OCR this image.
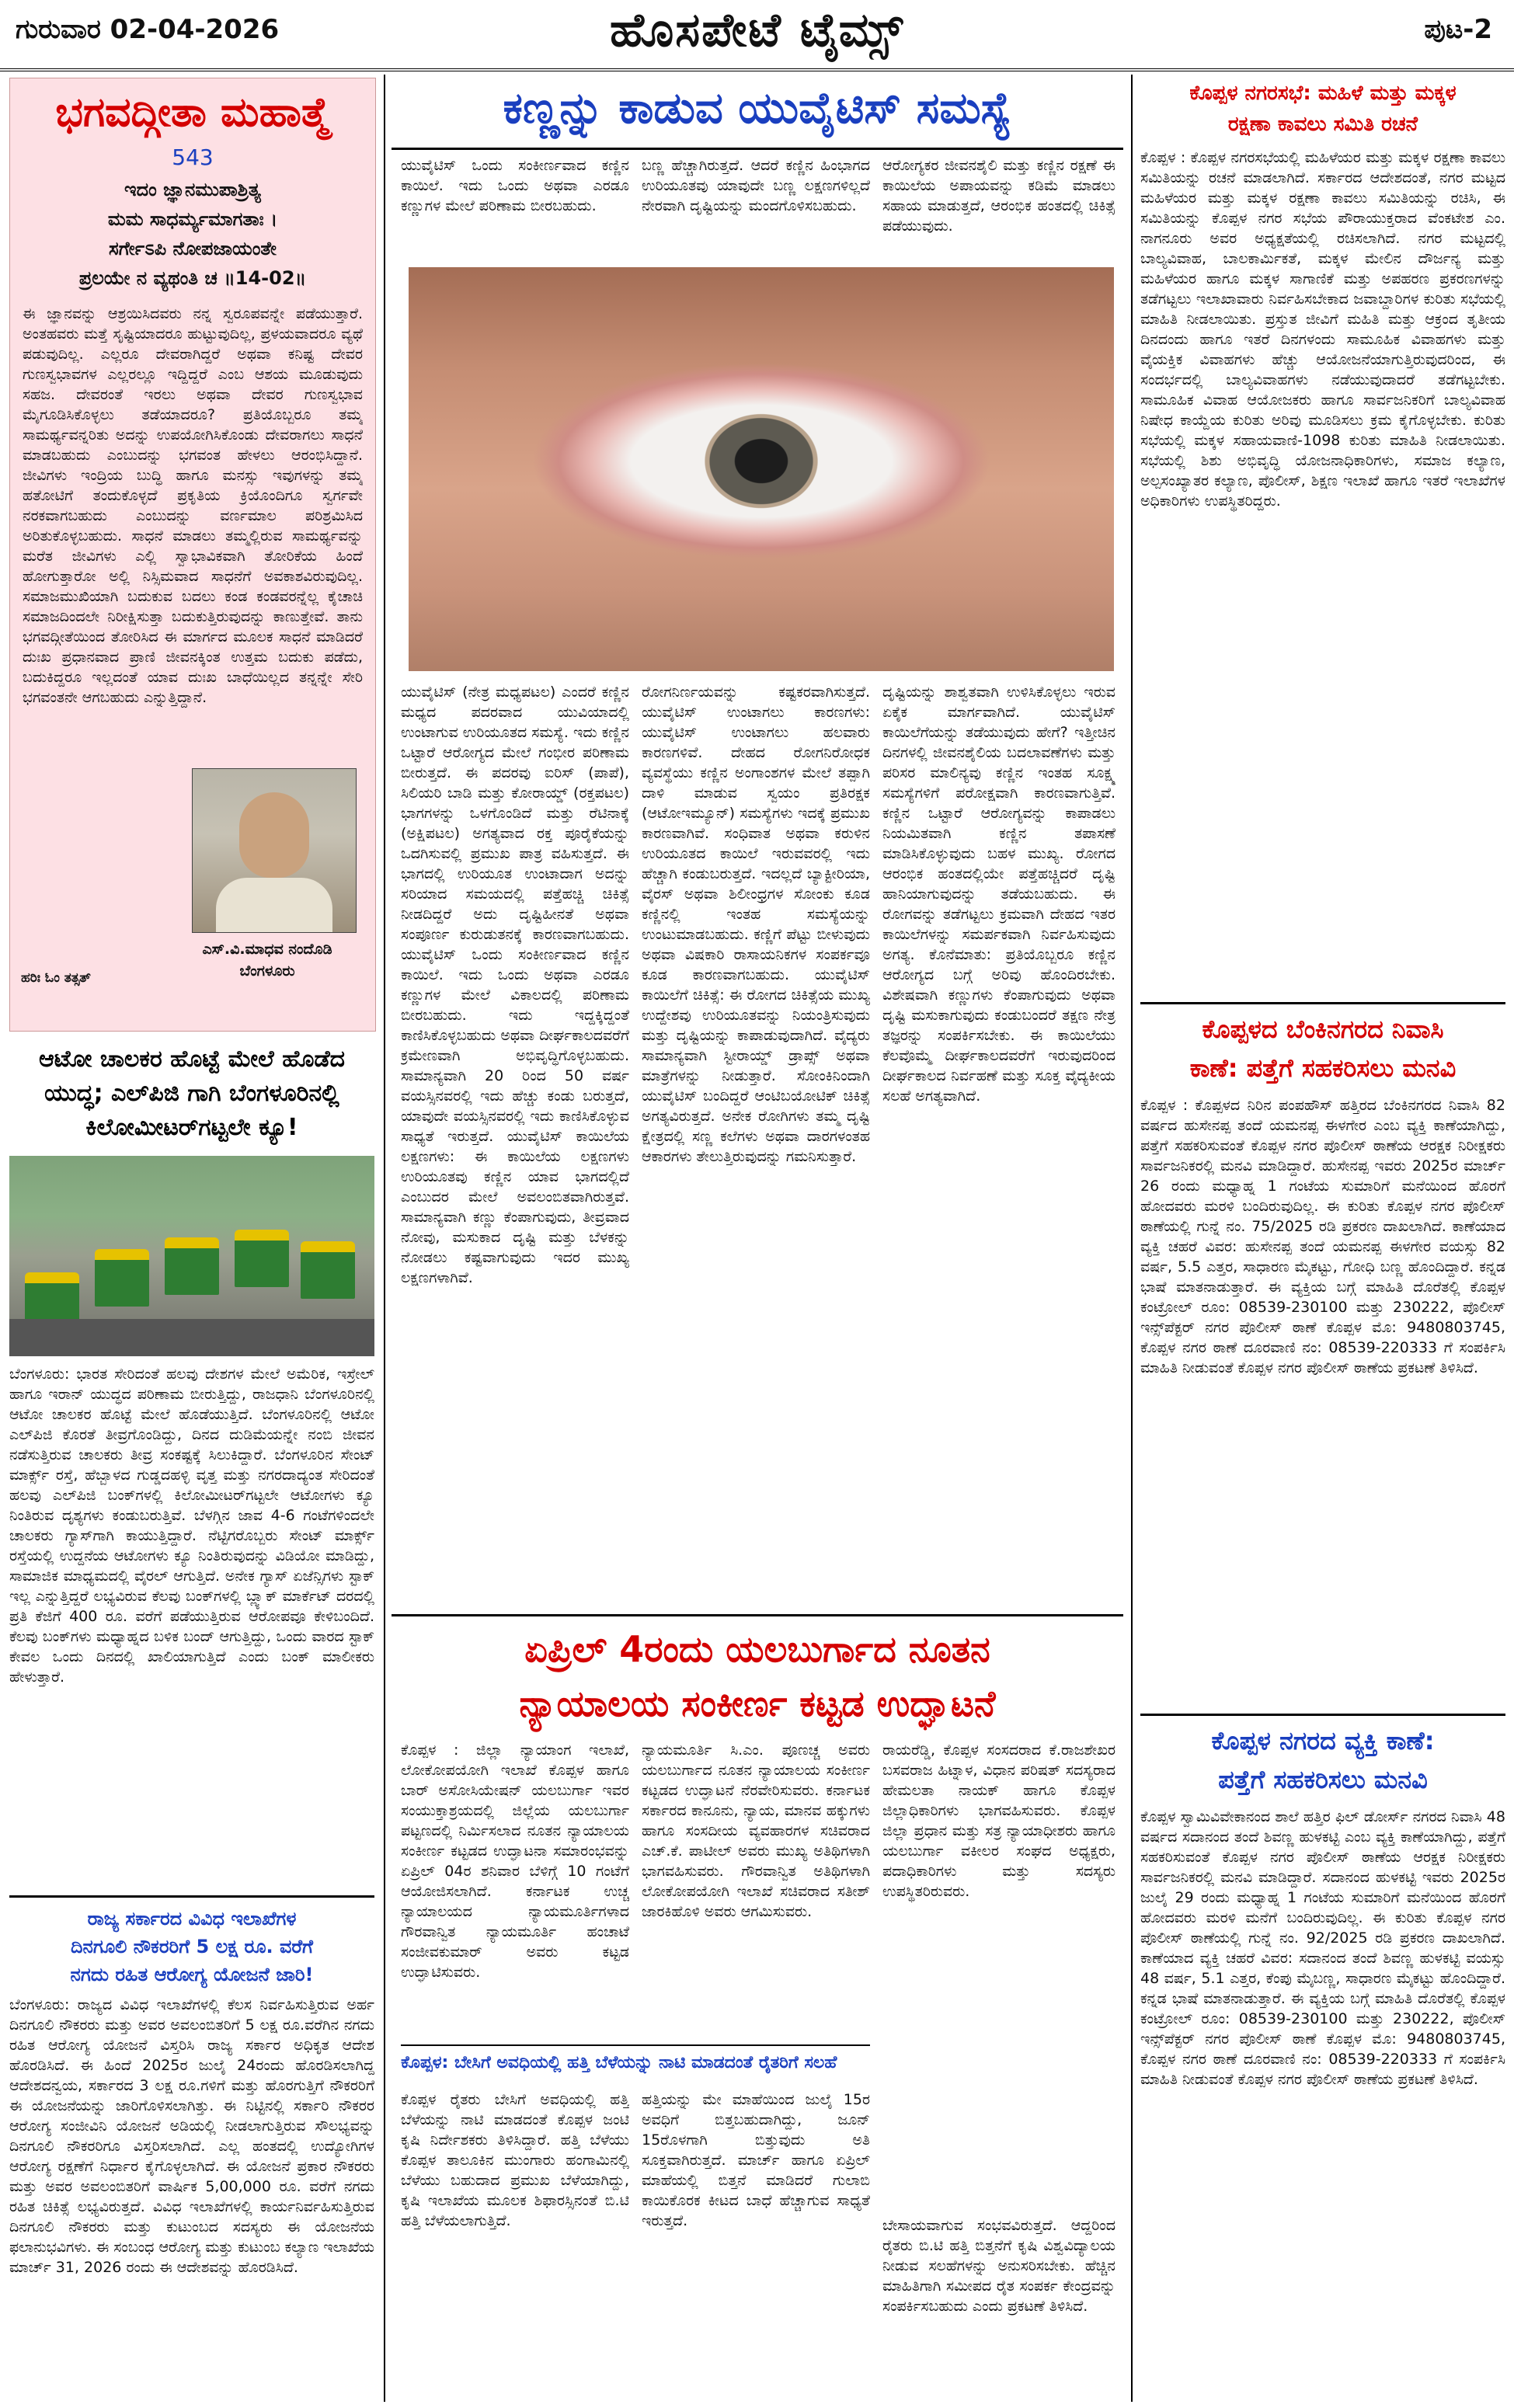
ಗುರುವಾರ 02-04-2026	ಹೊಸಪೇಟೆ ಟೈಮ್ಸ್	ಪುಟ-2
ಭಗವದ್ಗೀತಾ ಮಹಾತ್ಮೆ
543
ಇದಂ ಜ್ಞಾನಮುಪಾಶ್ರಿತ್ಯ
ಮಮ ಸಾಧರ್ಮ್ಯಮಾಗತಾಃ ।
ಸರ್ಗೇಽಪಿ ನೋಪಜಾಯಂತೇ
ಪ್ರಲಯೇ ನ ವ್ಯಥಂತಿ ಚ ॥14-02॥
ಈ ಜ್ಞಾನವನ್ನು ಆಶ್ರಯಿಸಿದವರು ನನ್ನ ಸ್ವರೂಪವನ್ನೇ ಪಡೆಯುತ್ತಾರೆ. ಅಂತಹವರು ಮತ್ತೆ ಸೃಷ್ಟಿಯಾದರೂ ಹುಟ್ಟುವುದಿಲ್ಲ, ಪ್ರಳಯವಾದರೂ ವ್ಯಥೆ ಪಡುವುದಿಲ್ಲ. ಎಲ್ಲರೂ ದೇವರಾಗಿದ್ದರೆ ಅಥವಾ ಕನಿಷ್ಟ ದೇವರ ಗುಣಸ್ವಭಾವಗಳ ಎಲ್ಲರಲ್ಲೂ ಇದ್ದಿದ್ದರೆ ಎಂಬ ಆಶಯ ಮೂಡುವುದು ಸಹಜ. ದೇವರಂತೆ ಇರಲು ಅಥವಾ ದೇವರ ಗುಣಸ್ವಭಾವ ಮೈಗೂಡಿಸಿಕೊಳ್ಳಲು ತಡೆಯಾದರೂ? ಪ್ರತಿಯೊಬ್ಬರೂ ತಮ್ಮ ಸಾಮರ್ಥ್ಯವನ್ನರಿತು ಅದನ್ನು ಉಪಯೋಗಿಸಿಕೊಂಡು ದೇವರಾಗಲು ಸಾಧನೆ ಮಾಡಬಹುದು ಎಂಬುದನ್ನು ಭಗವಂತ ಹೇಳಲು ಆರಂಭಿಸಿದ್ದಾನೆ. ಜೀವಿಗಳು ಇಂದ್ರಿಯ ಬುದ್ಧಿ ಹಾಗೂ ಮನಸ್ಸು ಇವುಗಳನ್ನು ತಮ್ಮ ಹತೋಟಿಗೆ ತಂದುಕೊಳ್ಳದೆ ಪ್ರಕೃತಿಯ ಕ್ರಿಯೊಂದಿಗೂ ಸ್ವರ್ಗವೇ ನರಕವಾಗಬಹುದು ಎಂಬುದನ್ನು ವರ್ಣಮಾಲ ಪರಿಶ್ರಮಿಸಿದ ಅರಿತುಕೊಳ್ಳಬಹುದು. ಸಾಧನೆ ಮಾಡಲು ತಮ್ಮಲ್ಲಿರುವ ಸಾಮರ್ಥ್ಯವನ್ನು ಮರೆತ ಜೀವಿಗಳು ಎಲ್ಲಿ ಸ್ವಾಭಾವಿಕವಾಗಿ ತೋರಿಕೆಯ ಹಿಂದೆ ಹೋಗುತ್ತಾರೋ ಅಲ್ಲಿ ನಿಸ್ಸಿಮವಾದ ಸಾಧನೆಗೆ ಅವಕಾಶವಿರುವುದಿಲ್ಲ. ಸಮಾಜಮುಖಿಯಾಗಿ ಬದುಕುವ ಬದಲು ಕಂಡ ಕಂಡವರನ್ನೆಲ್ಲ ಕೈಚಾಚಿ ಸಮಾಜದಿಂದಲೇ ನಿರೀಕ್ಷಿಸುತ್ತಾ ಬದುಕುತ್ತಿರುವುದನ್ನು ಕಾಣುತ್ತೇವೆ. ತಾನು ಭಗವದ್ಗೀತೆಯಿಂದ ತೋರಿಸಿದ ಈ ಮಾರ್ಗದ ಮೂಲಕ ಸಾಧನೆ ಮಾಡಿದರೆ ದುಃಖ ಪ್ರಧಾನವಾದ ಪ್ರಾಣಿ ಜೀವನಕ್ಕಿಂತ ಉತ್ತಮ ಬದುಕು ಪಡೆದು, ಬದುಕಿದ್ದರೂ ಇಲ್ಲದಂತೆ ಯಾವ ದುಃಖ ಬಾಧೆಯಿಲ್ಲದ ತನ್ನನ್ನೇ ಸೇರಿ ಭಗವಂತನೇ ಆಗಬಹುದು ಎನ್ನುತ್ತಿದ್ದಾನೆ.
ಎಸ್.ವಿ.ಮಾಧವ ನಂದೊಡಿ
ಬೆಂಗಳೂರು
ಹರಿಃ ಓಂ ತತ್ಸತ್
ಆಟೋ ಚಾಲಕರ ಹೊಟ್ಟೆ ಮೇಲೆ ಹೊಡೆದ
ಯುದ್ಧ; ಎಲ್‌ಪಿಜಿ ಗಾಗಿ ಬೆಂಗಳೂರಿನಲ್ಲಿ
ಕಿಲೋಮೀಟರ್‌ಗಟ್ಟಲೇ ಕ್ಯೂ!
ಬೆಂಗಳೂರು: ಭಾರತ ಸೇರಿದಂತೆ ಹಲವು ದೇಶಗಳ ಮೇಲೆ ಅಮೆರಿಕ, ಇಸ್ರೇಲ್ ಹಾಗೂ ಇರಾನ್ ಯುದ್ಧದ ಪರಿಣಾಮ ಬೀರುತ್ತಿದ್ದು, ರಾಜಧಾನಿ ಬೆಂಗಳೂರಿನಲ್ಲಿ ಆಟೋ ಚಾಲಕರ ಹೊಟ್ಟೆ ಮೇಲೆ ಹೊಡೆಯುತ್ತಿದೆ. ಬೆಂಗಳೂರಿನಲ್ಲಿ ಆಟೋ ಎಲ್‌ಪಿಜಿ ಕೊರತೆ ತೀವ್ರಗೊಂಡಿದ್ದು, ದಿನದ ದುಡಿಮೆಯನ್ನೇ ನಂಬಿ ಜೀವನ ನಡೆಸುತ್ತಿರುವ ಚಾಲಕರು ತೀವ್ರ ಸಂಕಷ್ಟಕ್ಕೆ ಸಿಲುಕಿದ್ದಾರೆ. ಬೆಂಗಳೂರಿನ ಸೇಂಟ್ ಮಾರ್ಕ್ಸ್ ರಸ್ತೆ, ಹೆಬ್ಬಾಳದ ಗುಡ್ಡದಹಳ್ಳಿ ವೃತ್ತ ಮತ್ತು ನಗರದಾದ್ಯಂತ ಸೇರಿದಂತೆ ಹಲವು ಎಲ್‌ಪಿಜಿ ಬಂಕ್‌ಗಳಲ್ಲಿ ಕಿಲೋಮೀಟರ್‌ಗಟ್ಟಲೇ ಆಟೋಗಳು ಕ್ಯೂ ನಿಂತಿರುವ ದೃಶ್ಯಗಳು ಕಂಡುಬರುತ್ತಿವೆ. ಬೆಳಗ್ಗಿನ ಜಾವ 4-6 ಗಂಟೆಗಳಿಂದಲೇ ಚಾಲಕರು ಗ್ಯಾಸ್‌ಗಾಗಿ ಕಾಯುತ್ತಿದ್ದಾರೆ. ನೆಟ್ಟಿಗರೊಬ್ಬರು ಸೇಂಟ್ ಮಾರ್ಕ್ಸ್ ರಸ್ತೆಯಲ್ಲಿ ಉದ್ದನೆಯ ಆಟೋಗಳು ಕ್ಯೂ ನಿಂತಿರುವುದನ್ನು ವಿಡಿಯೋ ಮಾಡಿದ್ದು, ಸಾಮಾಜಿಕ ಮಾಧ್ಯಮದಲ್ಲಿ ವೈರಲ್ ಆಗುತ್ತಿದೆ. ಅನೇಕ ಗ್ಯಾಸ್ ಏಜೆನ್ಸಿಗಳು ಸ್ಟಾಕ್ ಇಲ್ಲ ಎನ್ನುತ್ತಿದ್ದರೆ ಲಭ್ಯವಿರುವ ಕೆಲವು ಬಂಕ್‌ಗಳಲ್ಲಿ ಬ್ಲ್ಯಾಕ್ ಮಾರ್ಕೆಟ್ ದರದಲ್ಲಿ ಪ್ರತಿ ಕೆಜಿಗೆ 400 ರೂ. ವರೆಗೆ ಪಡೆಯುತ್ತಿರುವ ಆರೋಪವೂ ಕೇಳಿಬಂದಿದೆ. ಕೆಲವು ಬಂಕ್‌ಗಳು ಮಧ್ಯಾಹ್ನದ ಬಳಿಕ ಬಂದ್ ಆಗುತ್ತಿದ್ದು, ಒಂದು ವಾರದ ಸ್ಟಾಕ್ ಕೇವಲ ಒಂದು ದಿನದಲ್ಲಿ ಖಾಲಿಯಾಗುತ್ತಿದೆ ಎಂದು ಬಂಕ್ ಮಾಲೀಕರು ಹೇಳುತ್ತಾರೆ.
ರಾಜ್ಯ ಸರ್ಕಾರದ ವಿವಿಧ ಇಲಾಖೆಗಳ
ದಿನಗೂಲಿ ನೌಕರರಿಗೆ 5 ಲಕ್ಷ ರೂ. ವರೆಗೆ
ನಗದು ರಹಿತ ಆರೋಗ್ಯ ಯೋಜನೆ ಜಾರಿ!
ಬೆಂಗಳೂರು: ರಾಜ್ಯದ ವಿವಿಧ ಇಲಾಖೆಗಳಲ್ಲಿ ಕೆಲಸ ನಿರ್ವಹಿಸುತ್ತಿರುವ ಅರ್ಹ ದಿನಗೂಲಿ ನೌಕರರು ಮತ್ತು ಅವರ ಅವಲಂಬಿತರಿಗೆ 5 ಲಕ್ಷ ರೂ.ವರೆಗಿನ ನಗದು ರಹಿತ ಆರೋಗ್ಯ ಯೋಜನೆ ವಿಸ್ತರಿಸಿ ರಾಜ್ಯ ಸರ್ಕಾರ ಅಧಿಕೃತ ಆದೇಶ ಹೊರಡಿಸಿದೆ. ಈ ಹಿಂದೆ 2025ರ ಜುಲೈ 24ರಂದು ಹೊರಡಿಸಲಾಗಿದ್ದ ಆದೇಶದನ್ವಯ, ಸರ್ಕಾರದ 3 ಲಕ್ಷ ರೂ.ಗಳಿಗೆ ಮತ್ತು ಹೊರಗುತ್ತಿಗೆ ನೌಕರರಿಗೆ ಈ ಯೋಜನೆಯನ್ನು ಜಾರಿಗೊಳಿಸಲಾಗಿತ್ತು. ಈ ನಿಟ್ಟಿನಲ್ಲಿ ಸರ್ಕಾರಿ ನೌಕರರ ಆರೋಗ್ಯ ಸಂಜೀವಿನಿ ಯೋಜನೆ ಅಡಿಯಲ್ಲಿ ನೀಡಲಾಗುತ್ತಿರುವ ಸೌಲಭ್ಯವನ್ನು ದಿನಗೂಲಿ ನೌಕರರಿಗೂ ವಿಸ್ತರಿಸಲಾಗಿದೆ. ಎಲ್ಲ ಹಂತದಲ್ಲಿ ಉದ್ಯೋಗಿಗಳ ಆರೋಗ್ಯ ರಕ್ಷಣೆಗೆ ನಿರ್ಧಾರ ಕೈಗೊಳ್ಳಲಾಗಿದೆ. ಈ ಯೋಜನೆ ಪ್ರಕಾರ ನೌಕರರು ಮತ್ತು ಅವರ ಅವಲಂಬಿತರಿಗೆ ವಾರ್ಷಿಕ 5,00,000 ರೂ. ವರೆಗೆ ನಗದು ರಹಿತ ಚಿಕಿತ್ಸೆ ಲಭ್ಯವಿರುತ್ತದೆ. ವಿವಿಧ ಇಲಾಖೆಗಳಲ್ಲಿ ಕಾರ್ಯನಿರ್ವಹಿಸುತ್ತಿರುವ ದಿನಗೂಲಿ ನೌಕರರು ಮತ್ತು ಕುಟುಂಬದ ಸದಸ್ಯರು ಈ ಯೋಜನೆಯ ಫಲಾನುಭವಿಗಳು. ಈ ಸಂಬಂಧ ಆರೋಗ್ಯ ಮತ್ತು ಕುಟುಂಬ ಕಲ್ಯಾಣ ಇಲಾಖೆಯ ಮಾರ್ಚ್ 31, 2026 ರಂದು ಈ ಆದೇಶವನ್ನು ಹೊರಡಿಸಿದೆ.
ಕಣ್ಣನ್ನು ಕಾಡುವ ಯುವೈಟಿಸ್ ಸಮಸ್ಯೆ
ಯುವೈಟಿಸ್ ಒಂದು ಸಂಕೀರ್ಣವಾದ ಕಣ್ಣಿನ ಕಾಯಿಲೆ. ಇದು ಒಂದು ಅಥವಾ ಎರಡೂ ಕಣ್ಣುಗಳ ಮೇಲೆ ಪರಿಣಾಮ ಬೀರಬಹುದು.
ಬಣ್ಣ ಹೆಚ್ಚಾಗಿರುತ್ತದೆ. ಆದರೆ ಕಣ್ಣಿನ ಹಿಂಭಾಗದ ಉರಿಯೂತವು ಯಾವುದೇ ಬಣ್ಣ ಲಕ್ಷಣಗಳಿಲ್ಲದೆ ನೇರವಾಗಿ ದೃಷ್ಟಿಯನ್ನು ಮಂದಗೊಳಿಸಬಹುದು.
ಆರೋಗ್ಯಕರ ಜೀವನಶೈಲಿ ಮತ್ತು ಕಣ್ಣಿನ ರಕ್ಷಣೆ ಈ ಕಾಯಿಲೆಯ ಅಪಾಯವನ್ನು ಕಡಿಮೆ ಮಾಡಲು ಸಹಾಯ ಮಾಡುತ್ತದೆ, ಆರಂಭಿಕ ಹಂತದಲ್ಲಿ ಚಿಕಿತ್ಸೆ ಪಡೆಯುವುದು.
ಯುವೈಟಿಸ್ (ನೇತ್ರ ಮಧ್ಯಪಟಲ) ಎಂದರೆ ಕಣ್ಣಿನ ಮಧ್ಯದ ಪದರವಾದ ಯುವಿಯಾದಲ್ಲಿ ಉಂಟಾಗುವ ಉರಿಯೂತದ ಸಮಸ್ಯೆ. ಇದು ಕಣ್ಣಿನ ಒಟ್ಟಾರೆ ಆರೋಗ್ಯದ ಮೇಲೆ ಗಂಭೀರ ಪರಿಣಾಮ ಬೀರುತ್ತದೆ. ಈ ಪದರವು ಐರಿಸ್ (ಪಾಪೆ), ಸಿಲಿಯರಿ ಬಾಡಿ ಮತ್ತು ಕೋರಾಯ್ಡ್ (ರಕ್ತಪಟಲ) ಭಾಗಗಳನ್ನು ಒಳಗೊಂಡಿದೆ ಮತ್ತು ರೆಟಿನಾಕ್ಕೆ (ಅಕ್ಷಿಪಟಲ) ಅಗತ್ಯವಾದ ರಕ್ತ ಪೂರೈಕೆಯನ್ನು ಒದಗಿಸುವಲ್ಲಿ ಪ್ರಮುಖ ಪಾತ್ರ ವಹಿಸುತ್ತದೆ. ಈ ಭಾಗದಲ್ಲಿ ಉರಿಯೂತ ಉಂಟಾದಾಗ ಅದನ್ನು ಸರಿಯಾದ ಸಮಯದಲ್ಲಿ ಪತ್ತೆಹಚ್ಚಿ ಚಿಕಿತ್ಸೆ ನೀಡದಿದ್ದರೆ ಅದು ದೃಷ್ಟಿಹೀನತೆ ಅಥವಾ ಸಂಪೂರ್ಣ ಕುರುಡುತನಕ್ಕೆ ಕಾರಣವಾಗಬಹುದು. ಯುವೈಟಿಸ್ ಒಂದು ಸಂಕೀರ್ಣವಾದ ಕಣ್ಣಿನ ಕಾಯಿಲೆ. ಇದು ಒಂದು ಅಥವಾ ಎರಡೂ ಕಣ್ಣುಗಳ ಮೇಲೆ ವಿಕಾಲದಲ್ಲಿ ಪರಿಣಾಮ ಬೀರಬಹುದು. ಇದು ಇದ್ದಕ್ಕಿದ್ದಂತೆ ಕಾಣಿಸಿಕೊಳ್ಳಬಹುದು ಅಥವಾ ದೀರ್ಘಕಾಲದವರೆಗೆ ಕ್ರಮೇಣವಾಗಿ ಅಭಿವೃದ್ಧಿಗೊಳ್ಳಬಹುದು. ಸಾಮಾನ್ಯವಾಗಿ 20 ರಿಂದ 50 ವರ್ಷ ವಯಸ್ಸಿನವರಲ್ಲಿ ಇದು ಹೆಚ್ಚು ಕಂಡು ಬರುತ್ತದೆ, ಯಾವುದೇ ವಯಸ್ಸಿನವರಲ್ಲಿ ಇದು ಕಾಣಿಸಿಕೊಳ್ಳುವ ಸಾಧ್ಯತೆ ಇರುತ್ತದೆ. ಯುವೈಟಿಸ್ ಕಾಯಿಲೆಯ ಲಕ್ಷಣಗಳು: ಈ ಕಾಯಿಲೆಯ ಲಕ್ಷಣಗಳು ಉರಿಯೂತವು ಕಣ್ಣಿನ ಯಾವ ಭಾಗದಲ್ಲಿದೆ ಎಂಬುದರ ಮೇಲೆ ಅವಲಂಬಿತವಾಗಿರುತ್ತವೆ. ಸಾಮಾನ್ಯವಾಗಿ ಕಣ್ಣು ಕೆಂಪಾಗುವುದು, ತೀವ್ರವಾದ ನೋವು, ಮಸುಕಾದ ದೃಷ್ಟಿ ಮತ್ತು ಬೆಳಕನ್ನು ನೋಡಲು ಕಷ್ಟವಾಗುವುದು ಇದರ ಮುಖ್ಯ ಲಕ್ಷಣಗಳಾಗಿವೆ.
ರೋಗನಿರ್ಣಯವನ್ನು ಕಷ್ಟಕರವಾಗಿಸುತ್ತದೆ. ಯುವೈಟಿಸ್ ಉಂಟಾಗಲು ಕಾರಣಗಳು: ಯುವೈಟಿಸ್ ಉಂಟಾಗಲು ಹಲವಾರು ಕಾರಣಗಳಿವೆ. ದೇಹದ ರೋಗನಿರೋಧಕ ವ್ಯವಸ್ಥೆಯು ಕಣ್ಣಿನ ಅಂಗಾಂಶಗಳ ಮೇಲೆ ತಪ್ಪಾಗಿ ದಾಳಿ ಮಾಡುವ ಸ್ವಯಂ ಪ್ರತಿರಕ್ಷಕ (ಆಟೋಇಮ್ಯೂನ್) ಸಮಸ್ಯೆಗಳು ಇದಕ್ಕೆ ಪ್ರಮುಖ ಕಾರಣವಾಗಿವೆ. ಸಂಧಿವಾತ ಅಥವಾ ಕರುಳಿನ ಉರಿಯೂತದ ಕಾಯಿಲೆ ಇರುವವರಲ್ಲಿ ಇದು ಹೆಚ್ಚಾಗಿ ಕಂಡುಬರುತ್ತದೆ. ಇದಲ್ಲದೆ ಬ್ಯಾಕ್ಟೀರಿಯಾ, ವೈರಸ್ ಅಥವಾ ಶಿಲೀಂಧ್ರಗಳ ಸೋಂಕು ಕೂಡ ಕಣ್ಣಿನಲ್ಲಿ ಇಂತಹ ಸಮಸ್ಯೆಯನ್ನು ಉಂಟುಮಾಡಬಹುದು. ಕಣ್ಣಿಗೆ ಪೆಟ್ಟು ಬೀಳುವುದು ಅಥವಾ ವಿಷಕಾರಿ ರಾಸಾಯನಿಕಗಳ ಸಂಪರ್ಕವೂ ಕೂಡ ಕಾರಣವಾಗಬಹುದು. ಯುವೈಟಿಸ್ ಕಾಯಿಲೆಗೆ ಚಿಕಿತ್ಸೆ: ಈ ರೋಗದ ಚಿಕಿತ್ಸೆಯ ಮುಖ್ಯ ಉದ್ದೇಶವು ಉರಿಯೂತವನ್ನು ನಿಯಂತ್ರಿಸುವುದು ಮತ್ತು ದೃಷ್ಟಿಯನ್ನು ಕಾಪಾಡುವುದಾಗಿದೆ. ವೈದ್ಯರು ಸಾಮಾನ್ಯವಾಗಿ ಸ್ಟೀರಾಯ್ಡ್ ಡ್ರಾಪ್ಸ್ ಅಥವಾ ಮಾತ್ರೆಗಳನ್ನು ನೀಡುತ್ತಾರೆ. ಸೋಂಕಿನಿಂದಾಗಿ ಯುವೈಟಿಸ್ ಬಂದಿದ್ದರೆ ಆಂಟಿಬಯೋಟಿಕ್ ಚಿಕಿತ್ಸೆ ಅಗತ್ಯವಿರುತ್ತದೆ. ಅನೇಕ ರೋಗಿಗಳು ತಮ್ಮ ದೃಷ್ಟಿ ಕ್ಷೇತ್ರದಲ್ಲಿ ಸಣ್ಣ ಕಲೆಗಳು ಅಥವಾ ದಾರಗಳಂತಹ ಆಕಾರಗಳು ತೇಲುತ್ತಿರುವುದನ್ನು ಗಮನಿಸುತ್ತಾರೆ.
ದೃಷ್ಟಿಯನ್ನು ಶಾಶ್ವತವಾಗಿ ಉಳಿಸಿಕೊಳ್ಳಲು ಇರುವ ಏಕೈಕ ಮಾರ್ಗವಾಗಿದೆ. ಯುವೈಟಿಸ್ ಕಾಯಿಲೆಗೆಯನ್ನು ತಡೆಯುವುದು ಹೇಗೆ? ಇತ್ತೀಚಿನ ದಿನಗಳಲ್ಲಿ ಜೀವನಶೈಲಿಯ ಬದಲಾವಣೆಗಳು ಮತ್ತು ಪರಿಸರ ಮಾಲಿನ್ಯವು ಕಣ್ಣಿನ ಇಂತಹ ಸೂಕ್ಷ್ಮ ಸಮಸ್ಯೆಗಳಿಗೆ ಪರೋಕ್ಷವಾಗಿ ಕಾರಣವಾಗುತ್ತಿವೆ. ಕಣ್ಣಿನ ಒಟ್ಟಾರೆ ಆರೋಗ್ಯವನ್ನು ಕಾಪಾಡಲು ನಿಯಮಿತವಾಗಿ ಕಣ್ಣಿನ ತಪಾಸಣೆ ಮಾಡಿಸಿಕೊಳ್ಳುವುದು ಬಹಳ ಮುಖ್ಯ. ರೋಗದ ಆರಂಭಿಕ ಹಂತದಲ್ಲಿಯೇ ಪತ್ತೆಹಚ್ಚಿದರೆ ದೃಷ್ಟಿ ಹಾನಿಯಾಗುವುದನ್ನು ತಡೆಯಬಹುದು. ಈ ರೋಗವನ್ನು ತಡೆಗಟ್ಟಲು ಕ್ರಮವಾಗಿ ದೇಹದ ಇತರ ಕಾಯಿಲೆಗಳನ್ನು ಸಮರ್ಪಕವಾಗಿ ನಿರ್ವಹಿಸುವುದು ಅಗತ್ಯ. ಕೊನೆಮಾತು: ಪ್ರತಿಯೊಬ್ಬರೂ ಕಣ್ಣಿನ ಆರೋಗ್ಯದ ಬಗ್ಗೆ ಅರಿವು ಹೊಂದಿರಬೇಕು. ವಿಶೇಷವಾಗಿ ಕಣ್ಣುಗಳು ಕೆಂಪಾಗುವುದು ಅಥವಾ ದೃಷ್ಟಿ ಮಸುಕಾಗುವುದು ಕಂಡುಬಂದರೆ ತಕ್ಷಣ ನೇತ್ರ ತಜ್ಞರನ್ನು ಸಂಪರ್ಕಿಸಬೇಕು. ಈ ಕಾಯಿಲೆಯು ಕೆಲವೊಮ್ಮೆ ದೀರ್ಘಕಾಲದವರೆಗೆ ಇರುವುದರಿಂದ ದೀರ್ಘಕಾಲದ ನಿರ್ವಹಣೆ ಮತ್ತು ಸೂಕ್ತ ವೈದ್ಯಕೀಯ ಸಲಹೆ ಅಗತ್ಯವಾಗಿದೆ.
ಏಪ್ರಿಲ್ 4ರಂದು ಯಲಬುರ್ಗಾದ ನೂತನ
ನ್ಯಾಯಾಲಯ ಸಂಕೀರ್ಣ ಕಟ್ಟಡ ಉದ್ಘಾಟನೆ
ಕೊಪ್ಪಳ : ಜಿಲ್ಲಾ ನ್ಯಾಯಾಂಗ ಇಲಾಖೆ, ಲೋಕೋಪಯೋಗಿ ಇಲಾಖೆ ಕೊಪ್ಪಳ ಹಾಗೂ ಬಾರ್ ಅಸೋಸಿಯೇಷನ್ ಯಲಬುರ್ಗಾ ಇವರ ಸಂಯುಕ್ತಾಶ್ರಯದಲ್ಲಿ ಜಿಲ್ಲೆಯ ಯಲಬುರ್ಗಾ ಪಟ್ಟಣದಲ್ಲಿ ನಿರ್ಮಿಸಲಾದ ನೂತನ ನ್ಯಾಯಾಲಯ ಸಂಕೀರ್ಣ ಕಟ್ಟಡದ ಉದ್ಘಾಟನಾ ಸಮಾರಂಭವನ್ನು ಏಪ್ರಿಲ್ 04ರ ಶನಿವಾರ ಬೆಳಿಗ್ಗೆ 10 ಗಂಟೆಗೆ ಆಯೋಜಿಸಲಾಗಿದೆ. ಕರ್ನಾಟಕ ಉಚ್ಚ ನ್ಯಾಯಾಲಯದ ನ್ಯಾಯಮೂರ್ತಿಗಳಾದ ಗೌರವಾನ್ವಿತ ನ್ಯಾಯಮೂರ್ತಿ ಹಂಚಾಟೆ ಸಂಜೀವಕುಮಾರ್ ಅವರು ಕಟ್ಟಡ ಉದ್ಘಾಟಿಸುವರು.
ನ್ಯಾಯಮೂರ್ತಿ ಸಿ.ಎಂ. ಪೂಣಚ್ಚ ಅವರು ಯಲಬುರ್ಗಾದ ನೂತನ ನ್ಯಾಯಾಲಯ ಸಂಕೀರ್ಣ ಕಟ್ಟಡದ ಉದ್ಘಾಟನೆ ನೆರವೇರಿಸುವರು. ಕರ್ನಾಟಕ ಸರ್ಕಾರದ ಕಾನೂನು, ನ್ಯಾಯ, ಮಾನವ ಹಕ್ಕುಗಳು ಹಾಗೂ ಸಂಸದೀಯ ವ್ಯವಹಾರಗಳ ಸಚಿವರಾದ ಎಚ್.ಕೆ. ಪಾಟೀಲ್ ಅವರು ಮುಖ್ಯ ಅತಿಥಿಗಳಾಗಿ ಭಾಗವಹಿಸುವರು. ಗೌರವಾನ್ವಿತ ಅತಿಥಿಗಳಾಗಿ ಲೋಕೋಪಯೋಗಿ ಇಲಾಖೆ ಸಚಿವರಾದ ಸತೀಶ್ ಜಾರಕಿಹೊಳಿ ಅವರು ಆಗಮಿಸುವರು.
ರಾಯರೆಡ್ಡಿ, ಕೊಪ್ಪಳ ಸಂಸದರಾದ ಕೆ.ರಾಜಶೇಖರ ಬಸವರಾಜ ಹಿಟ್ನಾಳ, ವಿಧಾನ ಪರಿಷತ್ ಸದಸ್ಯರಾದ ಹೇಮಲತಾ ನಾಯಕ್ ಹಾಗೂ ಕೊಪ್ಪಳ ಜಿಲ್ಲಾಧಿಕಾರಿಗಳು ಭಾಗವಹಿಸುವರು. ಕೊಪ್ಪಳ ಜಿಲ್ಲಾ ಪ್ರಧಾನ ಮತ್ತು ಸತ್ರ ನ್ಯಾಯಾಧೀಶರು ಹಾಗೂ ಯಲಬುರ್ಗಾ ವಕೀಲರ ಸಂಘದ ಅಧ್ಯಕ್ಷರು, ಪದಾಧಿಕಾರಿಗಳು ಮತ್ತು ಸದಸ್ಯರು ಉಪಸ್ಥಿತರಿರುವರು.
ಕೊಪ್ಪಳ: ಬೇಸಿಗೆ ಅವಧಿಯಲ್ಲಿ ಹತ್ತಿ ಬೆಳೆಯನ್ನು ನಾಟಿ ಮಾಡದಂತೆ ರೈತರಿಗೆ ಸಲಹೆ
ಕೊಪ್ಪಳ ರೈತರು ಬೇಸಿಗೆ ಅವಧಿಯಲ್ಲಿ ಹತ್ತಿ ಬೆಳೆಯನ್ನು ನಾಟಿ ಮಾಡದಂತೆ ಕೊಪ್ಪಳ ಜಂಟಿ ಕೃಷಿ ನಿರ್ದೇಶಕರು ತಿಳಿಸಿದ್ದಾರೆ. ಹತ್ತಿ ಬೆಳೆಯು ಕೊಪ್ಪಳ ತಾಲೂಕಿನ ಮುಂಗಾರು ಹಂಗಾಮಿನಲ್ಲಿ ಬೆಳೆಯು ಬಹುದಾದ ಪ್ರಮುಖ ಬೆಳೆಯಾಗಿದ್ದು, ಕೃಷಿ ಇಲಾಖೆಯ ಮೂಲಕ ಶಿಫಾರಸ್ಸಿನಂತೆ ಬಿ.ಟಿ ಹತ್ತಿ ಬೆಳೆಯಲಾಗುತ್ತಿದೆ.
ಹತ್ತಿಯನ್ನು ಮೇ ಮಾಹೆಯಿಂದ ಜುಲೈ 15ರ ಅವಧಿಗೆ ಬಿತ್ತಬಹುದಾಗಿದ್ದು, ಜೂನ್ 15ರೊಳಗಾಗಿ ಬಿತ್ತುವುದು ಅತಿ ಸೂಕ್ತವಾಗಿರುತ್ತದೆ. ಮಾರ್ಚ್ ಹಾಗೂ ಏಪ್ರಿಲ್ ಮಾಹೆಯಲ್ಲಿ ಬಿತ್ತನೆ ಮಾಡಿದರೆ ಗುಲಾಬಿ ಕಾಯಿಕೊರಕ ಕೀಟದ ಬಾಧೆ ಹೆಚ್ಚಾಗುವ ಸಾಧ್ಯತೆ ಇರುತ್ತದೆ.	ಬೇಸಾಯವಾಗುವ ಸಂಭವವಿರುತ್ತದೆ. ಆದ್ದರಿಂದ ರೈತರು ಬಿ.ಟಿ ಹತ್ತಿ ಬಿತ್ತನೆಗೆ ಕೃಷಿ ವಿಶ್ವವಿದ್ಯಾಲಯ ನೀಡುವ ಸಲಹೆಗಳನ್ನು ಅನುಸರಿಸಬೇಕು. ಹೆಚ್ಚಿನ ಮಾಹಿತಿಗಾಗಿ ಸಮೀಪದ ರೈತ ಸಂಪರ್ಕ ಕೇಂದ್ರವನ್ನು ಸಂಪರ್ಕಿಸಬಹುದು ಎಂದು ಪ್ರಕಟಣೆ ತಿಳಿಸಿದೆ.
ಕೊಪ್ಪಳ ನಗರಸಭೆ: ಮಹಿಳೆ ಮತ್ತು ಮಕ್ಕಳ
ರಕ್ಷಣಾ ಕಾವಲು ಸಮಿತಿ ರಚನೆ
ಕೊಪ್ಪಳ : ಕೊಪ್ಪಳ ನಗರಸಭೆಯಲ್ಲಿ ಮಹಿಳೆಯರ ಮತ್ತು ಮಕ್ಕಳ ರಕ್ಷಣಾ ಕಾವಲು ಸಮಿತಿಯನ್ನು ರಚನೆ ಮಾಡಲಾಗಿದೆ. ಸರ್ಕಾರದ ಆದೇಶದಂತೆ, ನಗರ ಮಟ್ಟದ ಮಹಿಳೆಯರ ಮತ್ತು ಮಕ್ಕಳ ರಕ್ಷಣಾ ಕಾವಲು ಸಮಿತಿಯನ್ನು ರಚಿಸಿ, ಈ ಸಮಿತಿಯನ್ನು ಕೊಪ್ಪಳ ನಗರ ಸಭೆಯ ಪೌರಾಯುಕ್ತರಾದ ವೆಂಕಟೇಶ ಎಂ. ನಾಗನೂರು ಅವರ ಅಧ್ಯಕ್ಷತೆಯಲ್ಲಿ ರಚಿಸಲಾಗಿದೆ. ನಗರ ಮಟ್ಟದಲ್ಲಿ ಬಾಲ್ಯವಿವಾಹ, ಬಾಲಕಾರ್ಮಿಕತೆ, ಮಕ್ಕಳ ಮೇಲಿನ ದೌರ್ಜನ್ಯ ಮತ್ತು ಮಹಿಳೆಯರ ಹಾಗೂ ಮಕ್ಕಳ ಸಾಗಾಣಿಕೆ ಮತ್ತು ಅಪಹರಣ ಪ್ರಕರಣಗಳನ್ನು ತಡೆಗಟ್ಟಲು ಇಲಾಖಾವಾರು ನಿರ್ವಹಿಸಬೇಕಾದ ಜವಾಬ್ದಾರಿಗಳ ಕುರಿತು ಸಭೆಯಲ್ಲಿ ಮಾಹಿತಿ ನೀಡಲಾಯಿತು. ಪ್ರಸ್ತುತ ಜೀವಿಗೆ ಮಹಿತಿ ಮತ್ತು ಆಕ್ರಂದ ತೃತೀಯ ದಿನದಂದು ಹಾಗೂ ಇತರೆ ದಿನಗಳಂದು ಸಾಮೂಹಿಕ ವಿವಾಹಗಳು ಮತ್ತು ವೈಯಕ್ತಿಕ ವಿವಾಹಗಳು ಹೆಚ್ಚು ಆಯೋಜನೆಯಾಗುತ್ತಿರುವುದರಿಂದ, ಈ ಸಂದರ್ಭದಲ್ಲಿ ಬಾಲ್ಯವಿವಾಹಗಳು ನಡೆಯುವುದಾದರೆ ತಡೆಗಟ್ಟಬೇಕು. ಸಾಮೂಹಿಕ ವಿವಾಹ ಆಯೋಜಕರು ಹಾಗೂ ಸಾರ್ವಜನಿಕರಿಗೆ ಬಾಲ್ಯವಿವಾಹ ನಿಷೇಧ ಕಾಯ್ದೆಯ ಕುರಿತು ಅರಿವು ಮೂಡಿಸಲು ಕ್ರಮ ಕೈಗೊಳ್ಳಬೇಕು. ಕುರಿತು ಸಭೆಯಲ್ಲಿ ಮಕ್ಕಳ ಸಹಾಯವಾಣಿ-1098 ಕುರಿತು ಮಾಹಿತಿ ನೀಡಲಾಯಿತು. ಸಭೆಯಲ್ಲಿ ಶಿಶು ಅಭಿವೃದ್ಧಿ ಯೋಜನಾಧಿಕಾರಿಗಳು, ಸಮಾಜ ಕಲ್ಯಾಣ, ಅಲ್ಪಸಂಖ್ಯಾತರ ಕಲ್ಯಾಣ, ಪೊಲೀಸ್, ಶಿಕ್ಷಣ ಇಲಾಖೆ ಹಾಗೂ ಇತರೆ ಇಲಾಖೆಗಳ ಅಧಿಕಾರಿಗಳು ಉಪಸ್ಥಿತರಿದ್ದರು.
ಕೊಪ್ಪಳದ ಬೆಂಕಿನಗರದ ನಿವಾಸಿ
ಕಾಣೆ: ಪತ್ತೆಗೆ ಸಹಕರಿಸಲು ಮನವಿ
ಕೊಪ್ಪಳ : ಕೊಪ್ಪಳದ ನಿರಿನ ಪಂಪಹೌಸ್ ಹತ್ತಿರದ ಬೆಂಕಿನಗರದ ನಿವಾಸಿ 82 ವರ್ಷದ ಹುಸೇನಪ್ಪ ತಂದೆ ಯಮನಪ್ಪ ಈಳಗೇರ ಎಂಬ ವ್ಯಕ್ತಿ ಕಾಣೆಯಾಗಿದ್ದು, ಪತ್ತೆಗೆ ಸಹಕರಿಸುವಂತೆ ಕೊಪ್ಪಳ ನಗರ ಪೊಲೀಸ್ ಠಾಣೆಯ ಆರಕ್ಷಕ ನಿರೀಕ್ಷಕರು ಸಾರ್ವಜನಿಕರಲ್ಲಿ ಮನವಿ ಮಾಡಿದ್ದಾರೆ. ಹುಸೇನಪ್ಪ ಇವರು 2025ರ ಮಾರ್ಚ್ 26 ರಂದು ಮಧ್ಯಾಹ್ನ 1 ಗಂಟೆಯ ಸುಮಾರಿಗೆ ಮನೆಯಿಂದ ಹೊರಗೆ ಹೋದವರು ಮರಳಿ ಬಂದಿರುವುದಿಲ್ಲ. ಈ ಕುರಿತು ಕೊಪ್ಪಳ ನಗರ ಪೊಲೀಸ್ ಠಾಣೆಯಲ್ಲಿ ಗುನ್ನೆ ನಂ. 75/2025 ರಡಿ ಪ್ರಕರಣ ದಾಖಲಾಗಿದೆ. ಕಾಣೆಯಾದ ವ್ಯಕ್ತಿ ಚಹರೆ ವಿವರ: ಹುಸೇನಪ್ಪ ತಂದೆ ಯಮನಪ್ಪ ಈಳಗೇರ ವಯಸ್ಸು 82 ವರ್ಷ, 5.5 ಎತ್ತರ, ಸಾಧಾರಣ ಮೈಕಟ್ಟು, ಗೋಧಿ ಬಣ್ಣ ಹೊಂದಿದ್ದಾರೆ. ಕನ್ನಡ ಭಾಷೆ ಮಾತನಾಡುತ್ತಾರೆ. ಈ ವ್ಯಕ್ತಿಯ ಬಗ್ಗೆ ಮಾಹಿತಿ ದೊರೆತಲ್ಲಿ ಕೊಪ್ಪಳ ಕಂಟ್ರೋಲ್ ರೂಂ: 08539-230100 ಮತ್ತು 230222, ಪೊಲೀಸ್ ಇನ್ಸ್‌ಪೆಕ್ಟರ್ ನಗರ ಪೊಲೀಸ್ ಠಾಣೆ ಕೊಪ್ಪಳ ಮೊ: 9480803745, ಕೊಪ್ಪಳ ನಗರ ಠಾಣೆ ದೂರವಾಣಿ ನಂ: 08539-220333 ಗೆ ಸಂಪರ್ಕಿಸಿ ಮಾಹಿತಿ ನೀಡುವಂತೆ ಕೊಪ್ಪಳ ನಗರ ಪೊಲೀಸ್ ಠಾಣೆಯ ಪ್ರಕಟಣೆ ತಿಳಿಸಿದೆ.
ಕೊಪ್ಪಳ ನಗರದ ವ್ಯಕ್ತಿ ಕಾಣೆ:
ಪತ್ತೆಗೆ ಸಹಕರಿಸಲು ಮನವಿ
ಕೊಪ್ಪಳ ಸ್ವಾಮಿವಿವೇಕಾನಂದ ಶಾಲೆ ಹತ್ತಿರ ಫಿಲ್ ಡೋರ್ಸ್ ನಗರದ ನಿವಾಸಿ 48 ವರ್ಷದ ಸದಾನಂದ ತಂದೆ ಶಿವಣ್ಣ ಹುಳಕಟ್ಟಿ ಎಂಬ ವ್ಯಕ್ತಿ ಕಾಣೆಯಾಗಿದ್ದು, ಪತ್ತೆಗೆ ಸಹಕರಿಸುವಂತೆ ಕೊಪ್ಪಳ ನಗರ ಪೊಲೀಸ್ ಠಾಣೆಯ ಆರಕ್ಷಕ ನಿರೀಕ್ಷಕರು ಸಾರ್ವಜನಿಕರಲ್ಲಿ ಮನವಿ ಮಾಡಿದ್ದಾರೆ. ಸದಾನಂದ ಹುಳಕಟ್ಟಿ ಇವರು 2025ರ ಜುಲೈ 29 ರಂದು ಮಧ್ಯಾಹ್ನ 1 ಗಂಟೆಯ ಸುಮಾರಿಗೆ ಮನೆಯಿಂದ ಹೊರಗೆ ಹೋದವರು ಮರಳಿ ಮನೆಗೆ ಬಂದಿರುವುದಿಲ್ಲ. ಈ ಕುರಿತು ಕೊಪ್ಪಳ ನಗರ ಪೊಲೀಸ್ ಠಾಣೆಯಲ್ಲಿ ಗುನ್ನೆ ನಂ. 92/2025 ರಡಿ ಪ್ರಕರಣ ದಾಖಲಾಗಿದೆ. ಕಾಣೆಯಾದ ವ್ಯಕ್ತಿ ಚಹರೆ ವಿವರ: ಸದಾನಂದ ತಂದೆ ಶಿವಣ್ಣ ಹುಳಕಟ್ಟಿ ವಯಸ್ಸು 48 ವರ್ಷ, 5.1 ಎತ್ತರ, ಕೆಂಪು ಮೈಬಣ್ಣ, ಸಾಧಾರಣ ಮೈಕಟ್ಟು ಹೊಂದಿದ್ದಾರೆ. ಕನ್ನಡ ಭಾಷೆ ಮಾತನಾಡುತ್ತಾರೆ. ಈ ವ್ಯಕ್ತಿಯ ಬಗ್ಗೆ ಮಾಹಿತಿ ದೊರೆತಲ್ಲಿ ಕೊಪ್ಪಳ ಕಂಟ್ರೋಲ್ ರೂಂ: 08539-230100 ಮತ್ತು 230222, ಪೊಲೀಸ್ ಇನ್ಸ್‌ಪೆಕ್ಟರ್ ನಗರ ಪೊಲೀಸ್ ಠಾಣೆ ಕೊಪ್ಪಳ ಮೊ: 9480803745, ಕೊಪ್ಪಳ ನಗರ ಠಾಣೆ ದೂರವಾಣಿ ನಂ: 08539-220333 ಗೆ ಸಂಪರ್ಕಿಸಿ ಮಾಹಿತಿ ನೀಡುವಂತೆ ಕೊಪ್ಪಳ ನಗರ ಪೊಲೀಸ್ ಠಾಣೆಯ ಪ್ರಕಟಣೆ ತಿಳಿಸಿದೆ.
